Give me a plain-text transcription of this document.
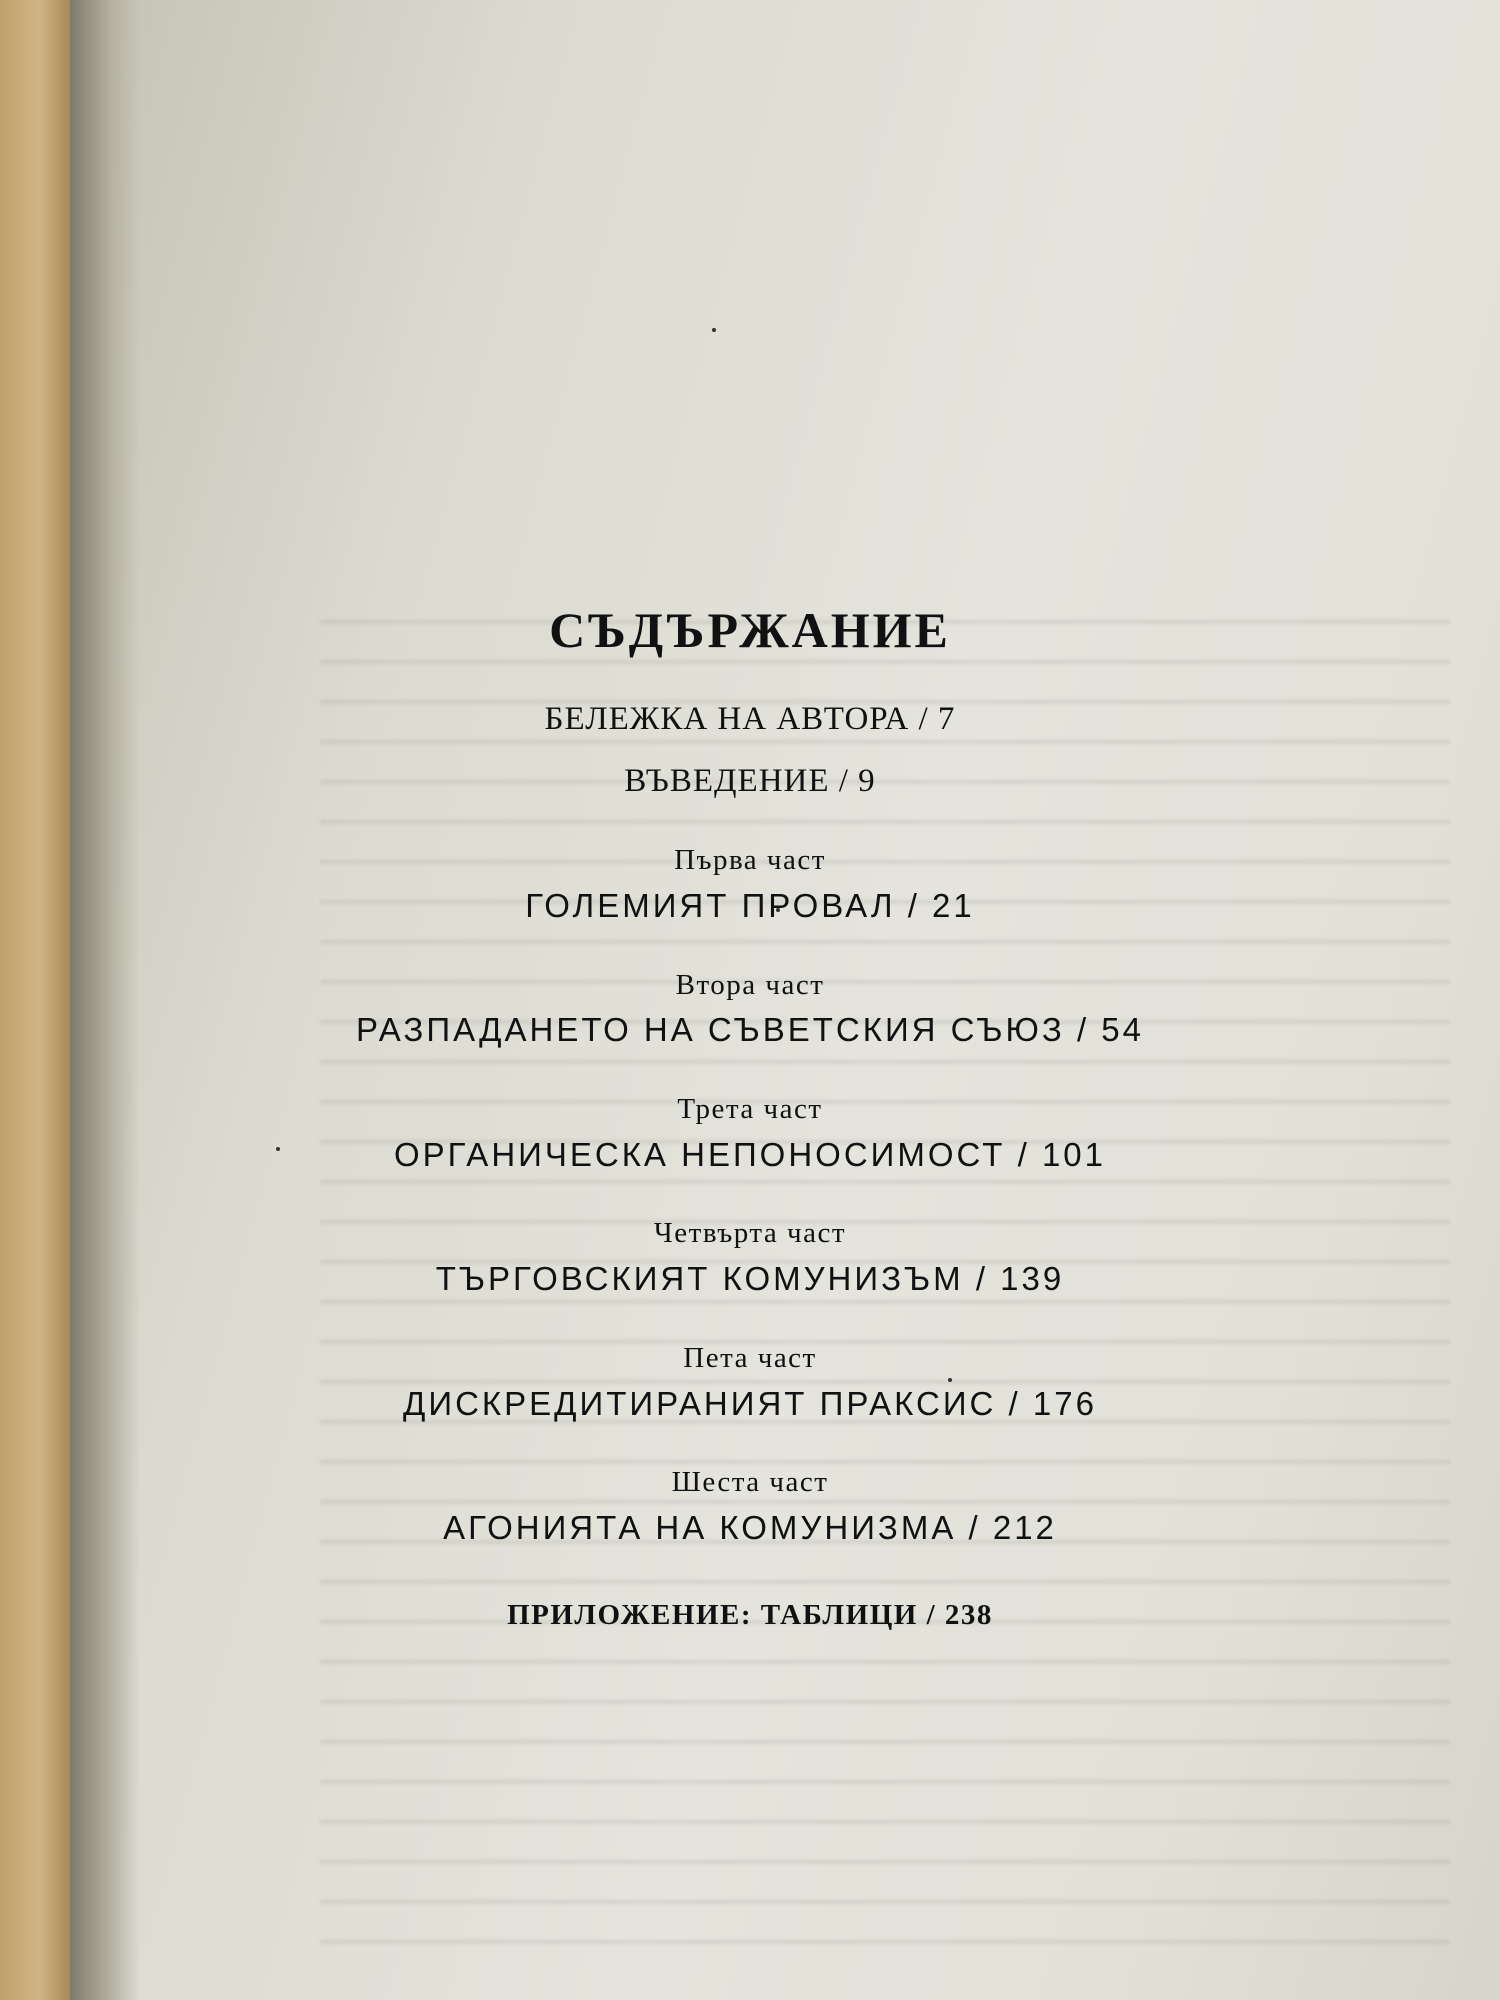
СЪДЪРЖАНИЕ
БЕЛЕЖКА НА АВТОРА / 7
ВЪВЕДЕНИЕ / 9
Първа част
ГОЛЕМИЯТ ПРОВАЛ / 21
Втора част
РАЗПАДАНЕТО НА СЪВЕТСКИЯ СЪЮЗ / 54
Трета част
ОРГАНИЧЕСКА НЕПОНОСИМОСТ / 101
Четвърта част
ТЪРГОВСКИЯТ КОМУНИЗЪМ / 139
Пета част
ДИСКРЕДИТИРАНИЯТ ПРАКСИС / 176
Шеста част
АГОНИЯТА НА КОМУНИЗМА / 212
ПРИЛОЖЕНИЕ: ТАБЛИЦИ / 238
